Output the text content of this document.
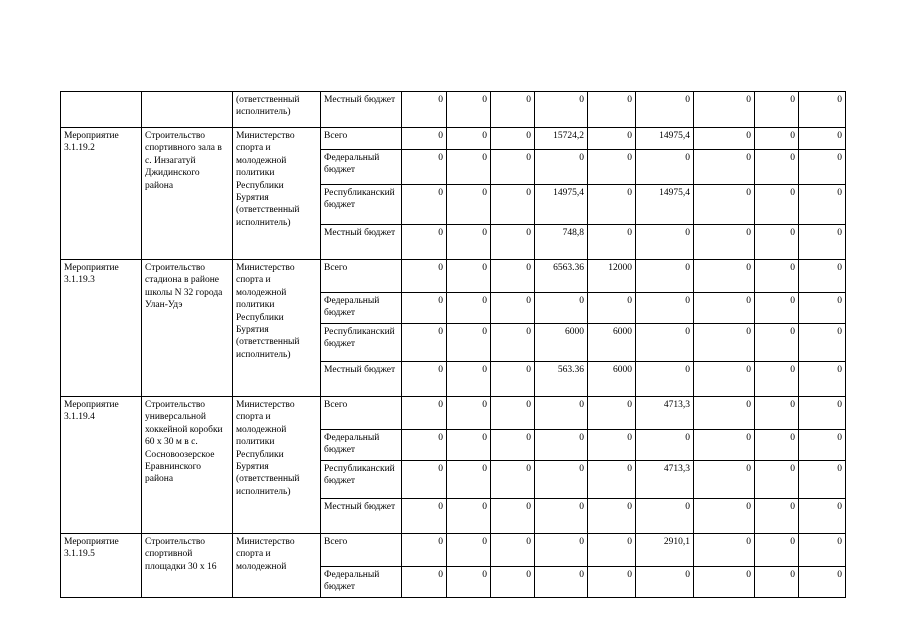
		(ответственный исполнитель)	Местный бюджет	0	0	0	0	0	0	0	0	0
Мероприятие 3.1.19.2	Строительство спортивного зала в с. Инзагатуй Джидинского района	Министерство спорта и молодежной политики Республики Бурятия (ответственный исполнитель)	Всего	0	0	0	15724,2	0	14975,4	0	0	0
			Федеральный бюджет	0	0	0	0	0	0	0	0	0
			Республиканский бюджет	0	0	0	14975,4	0	14975,4	0	0	0
			Местный бюджет	0	0	0	748,8	0	0	0	0	0
Мероприятие 3.1.19.3	Строительство стадиона в районе школы N 32 города Улан-Удэ	Министерство спорта и молодежной политики Республики Бурятия (ответственный исполнитель)	Всего	0	0	0	6563.36	12000	0	0	0	0
			Федеральный бюджет	0	0	0	0	0	0	0	0	0
			Республиканский бюджет	0	0	0	6000	6000	0	0	0	0
			Местный бюджет	0	0	0	563.36	6000	0	0	0	0
Мероприятие 3.1.19.4	Строительство универсальной хоккейной коробки 60 x 30 м в с. Сосновоозерское Еравнинского района	Министерство спорта и молодежной политики Республики Бурятия (ответственный исполнитель)	Всего	0	0	0	0	0	4713,3	0	0	0
			Федеральный бюджет	0	0	0	0	0	0	0	0	0
			Республиканский бюджет	0	0	0	0	0	4713,3	0	0	0
			Местный бюджет	0	0	0	0	0	0	0	0	0
Мероприятие 3.1.19.5	Строительство спортивной площадки 30 x 16	Министерство спорта и молодежной	Всего	0	0	0	0	0	2910,1	0	0	0
			Федеральный бюджет	0	0	0	0	0	0	0	0	0
